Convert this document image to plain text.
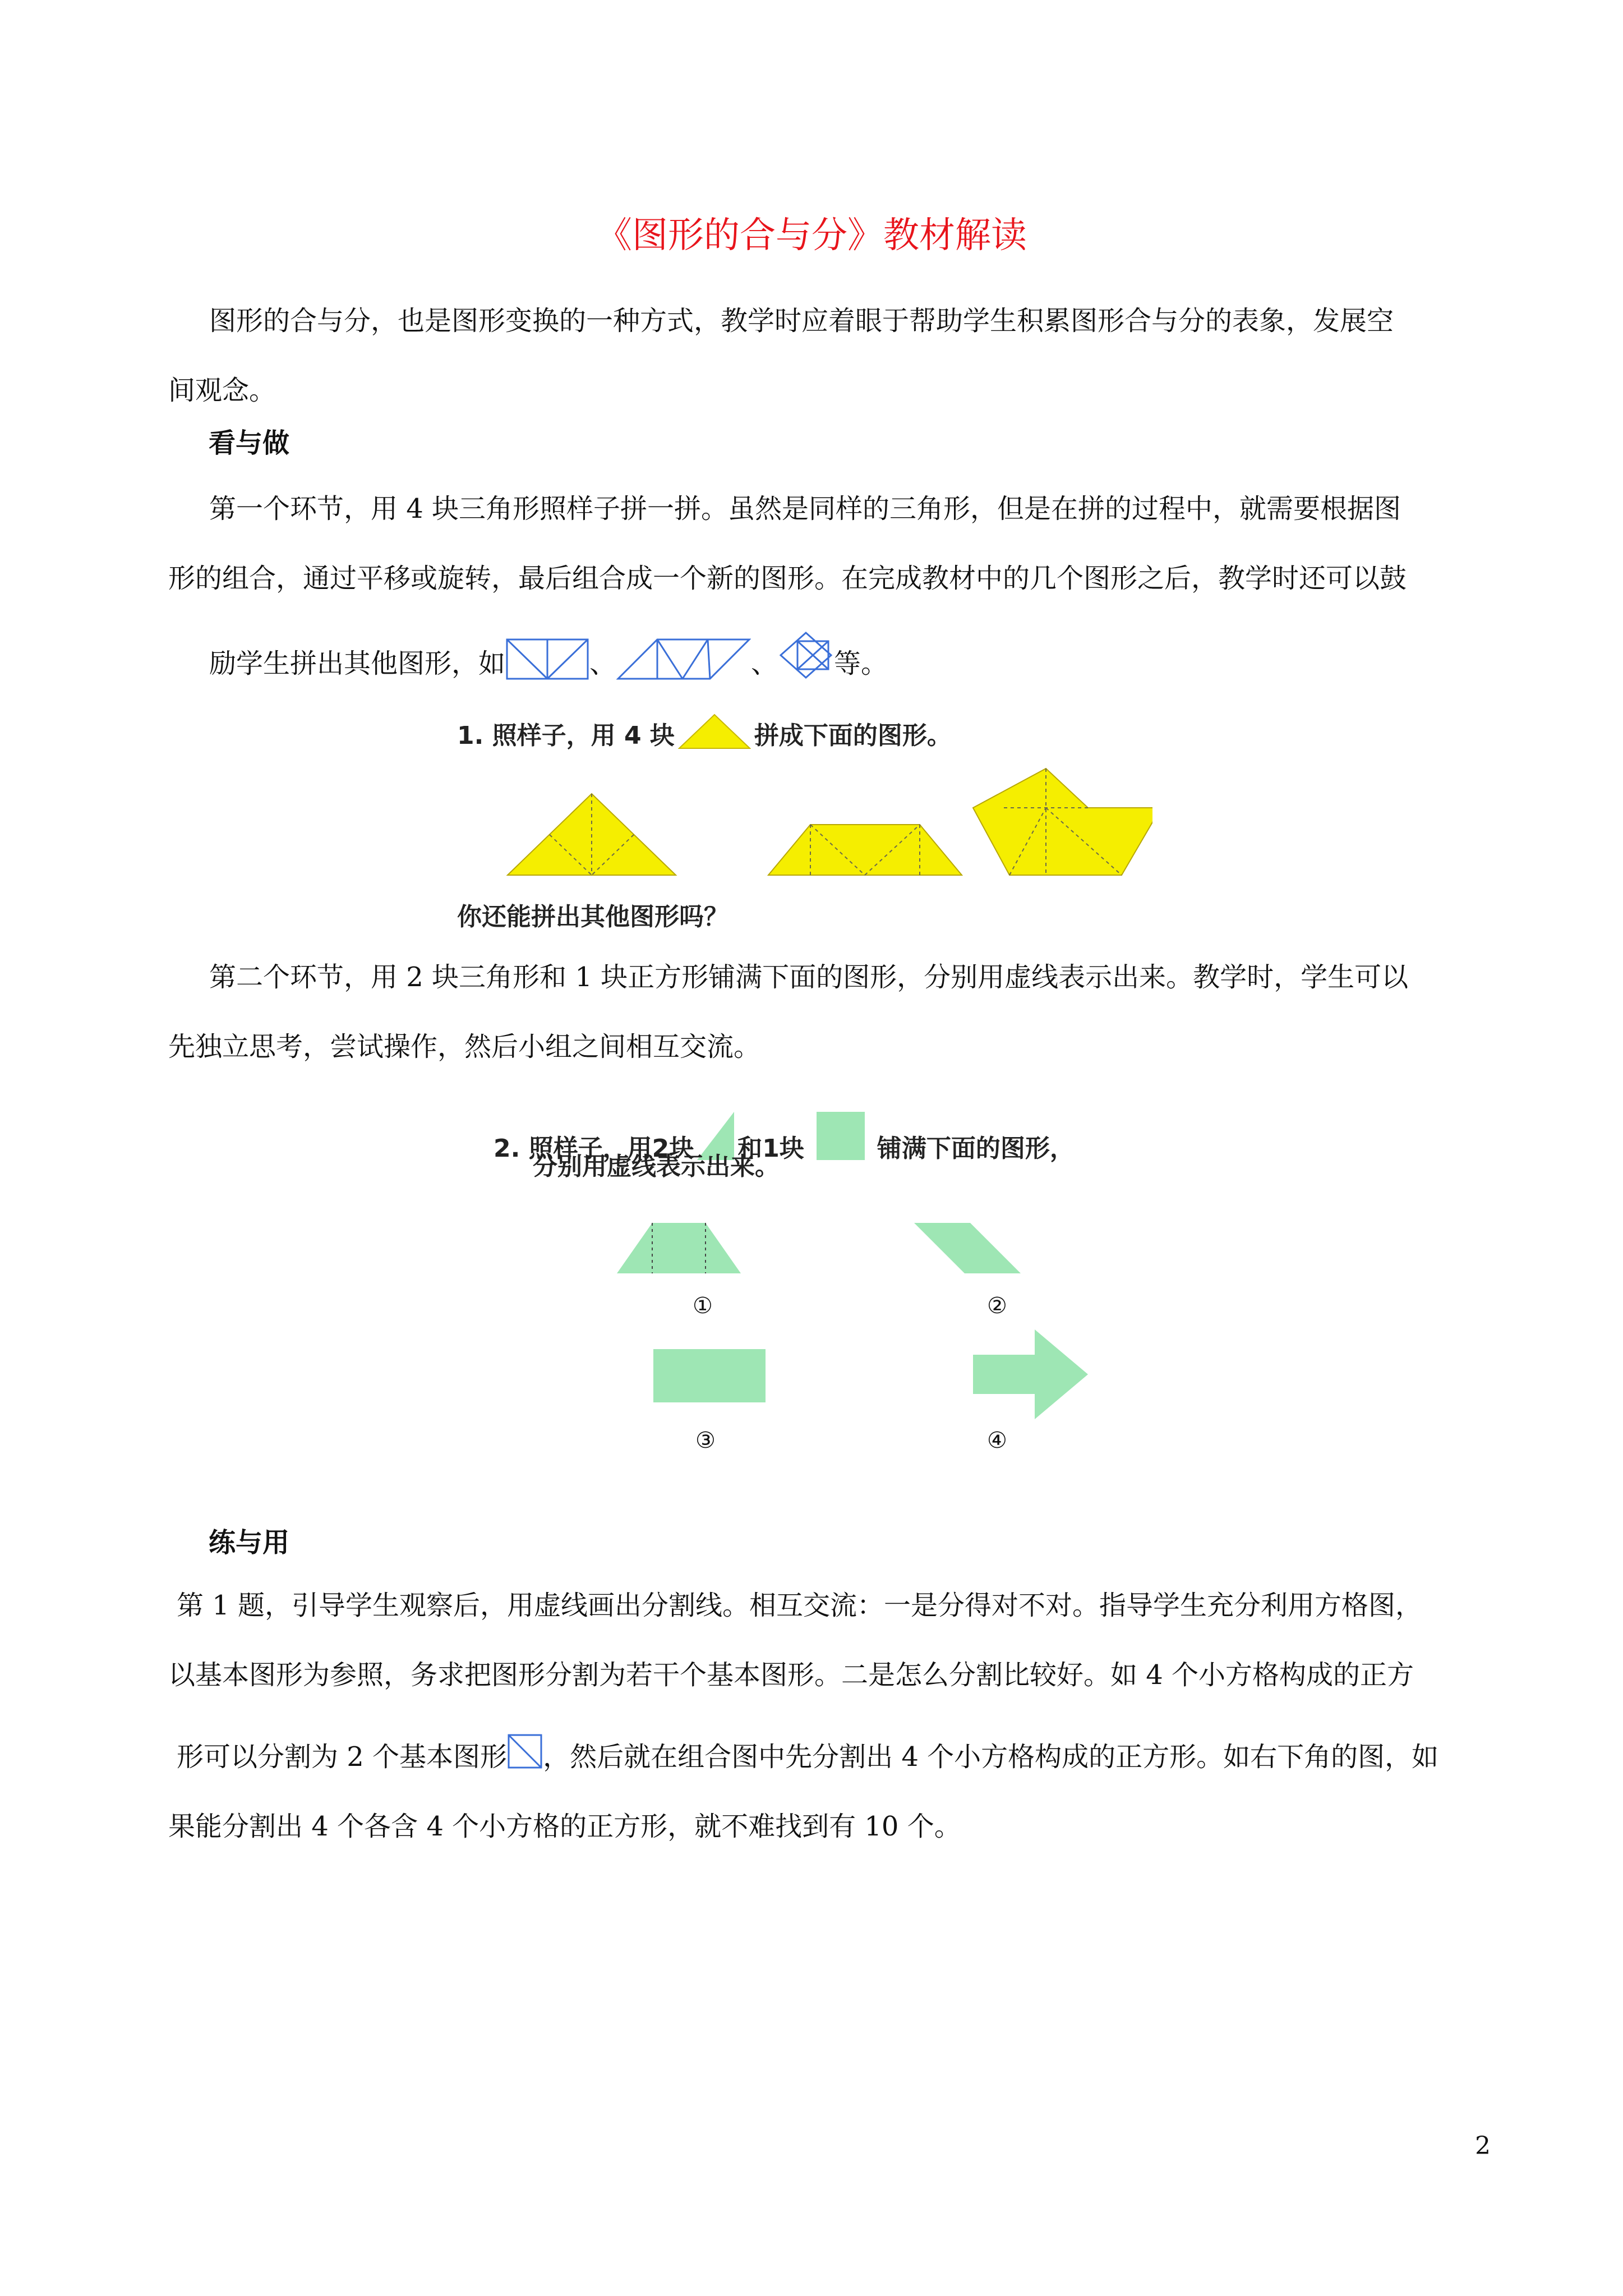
《图形的合与分》教材解读
图形的合与分，也是图形变换的一种方式，教学时应着眼于帮助学生积累图形合与分的表象，发展空
间观念。
看与做
第一个环节，用 4 块三角形照样子拼一拼。虽然是同样的三角形，但是在拼的过程中，就需要根据图
形的组合，通过平移或旋转，最后组合成一个新的图形。在完成教材中的几个图形之后，教学时还可以鼓
励学生拼出其他图形，如	、	、 等。
1. 照样子，用 4 块	拼成下面的图形。
你还能拼出其他图形吗？
第二个环节，用 2 块三角形和 1 块正方形铺满下面的图形，分别用虚线表示出来。教学时，学生可以
先独立思考，尝试操作，然后小组之间相互交流。
2. 照样子，用2块 和1块	铺满下面的图形，
分别用虚线表示出来。
①	②
③	④
练与用
第 1 题，引导学生观察后，用虚线画出分割线。相互交流：一是分得对不对。指导学生充分利用方格图，
以基本图形为参照，务求把图形分割为若干个基本图形。二是怎么分割比较好。如 4 个小方格构成的正方
形可以分割为 2 个基本图形 ，然后就在组合图中先分割出 4 个小方格构成的正方形。如右下角的图，如
果能分割出 4 个各含 4 个小方格的正方形，就不难找到有 10 个。
2
